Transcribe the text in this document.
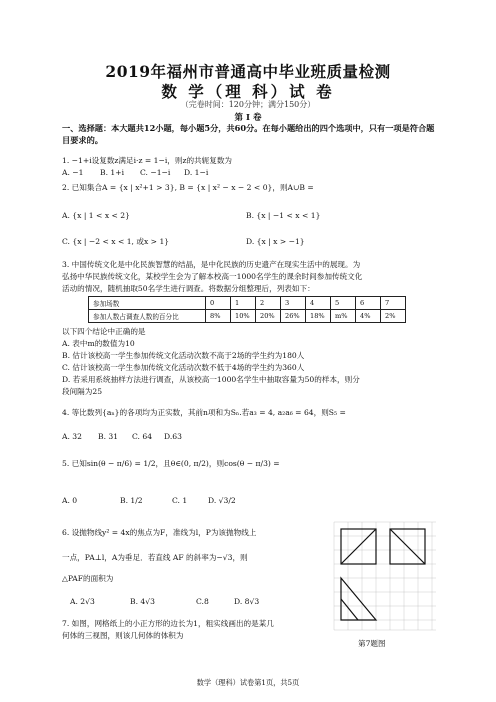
2019年福州市普通高中毕业班质量检测
数 学（理 科）试 卷
（完卷时间：120分钟；满分150分）
第 Ⅰ 卷
一、选择题：本大题共12小题，每小题5分，共60分。在每小题给出的四个选项中，只有一项是符合题目要求的。
1. −1+i设复数z满足i·z = 1−i，则z的共轭复数为
A. −1 B. 1+i C. −1−i D. 1−i
2. 已知集合A = {x | x²+1 > 3}, B = {x | x² − x − 2 < 0}，则A∪B =
A. {x | 1 < x < 2}	B. {x | −1 < x < 1}
C. {x | −2 < x < 1, 或x > 1}	D. {x | x > −1}
3. 中国传统文化是中化民族智慧的结晶，是中化民族的历史遗产在现实生活中的展现。为
弘扬中华民族传统文化，某校学生会为了解本校高一1000名学生的课余时间参加传统文化
活动的情况，随机抽取50名学生进行调查。将数据分组整理后，列表如下：
参加场数	0	1	2	3	4	5	6	7
参加人数占调查人数的百分比	8%	10%	20%	26%	18%	m%	4%	2%
以下四个结论中正确的是
A. 表中m的数值为10
B. 估计该校高一学生参加传统文化活动次数不高于2场的学生约为180人
C. 估计该校高一学生参加传统文化活动次数不低于4场的学生约为360人
D. 若采用系统抽样方法进行调查，从该校高一1000名学生中抽取容量为50的样本，则分
段间隔为25
4. 等比数列{aₙ}的各项均为正实数，其前n项和为Sₙ.若a₃ = 4, a₂a₆ = 64，则S₅ =
A. 32 B. 31 C. 64 D.63
5. 已知sin(θ − π/6) = 1/2，且θ∈(0, π/2)，则cos(θ − π/3) =
A. 0	B. 1/2	C. 1	D. √3/2
6. 设抛物线y² = 4x的焦点为F，准线为l，P为该抛物线上
一点，PA⊥l，A为垂足．若直线 AF 的斜率为−√3，则
△PAF的面积为
A. 2√3	B. 4√3	C.8	D. 8√3
7. 如图，网格纸上的小正方形的边长为1，粗实线画出的是某几
何体的三视图，则该几何体的体积为
第7题图
数学（理科）试卷第1页，共5页
